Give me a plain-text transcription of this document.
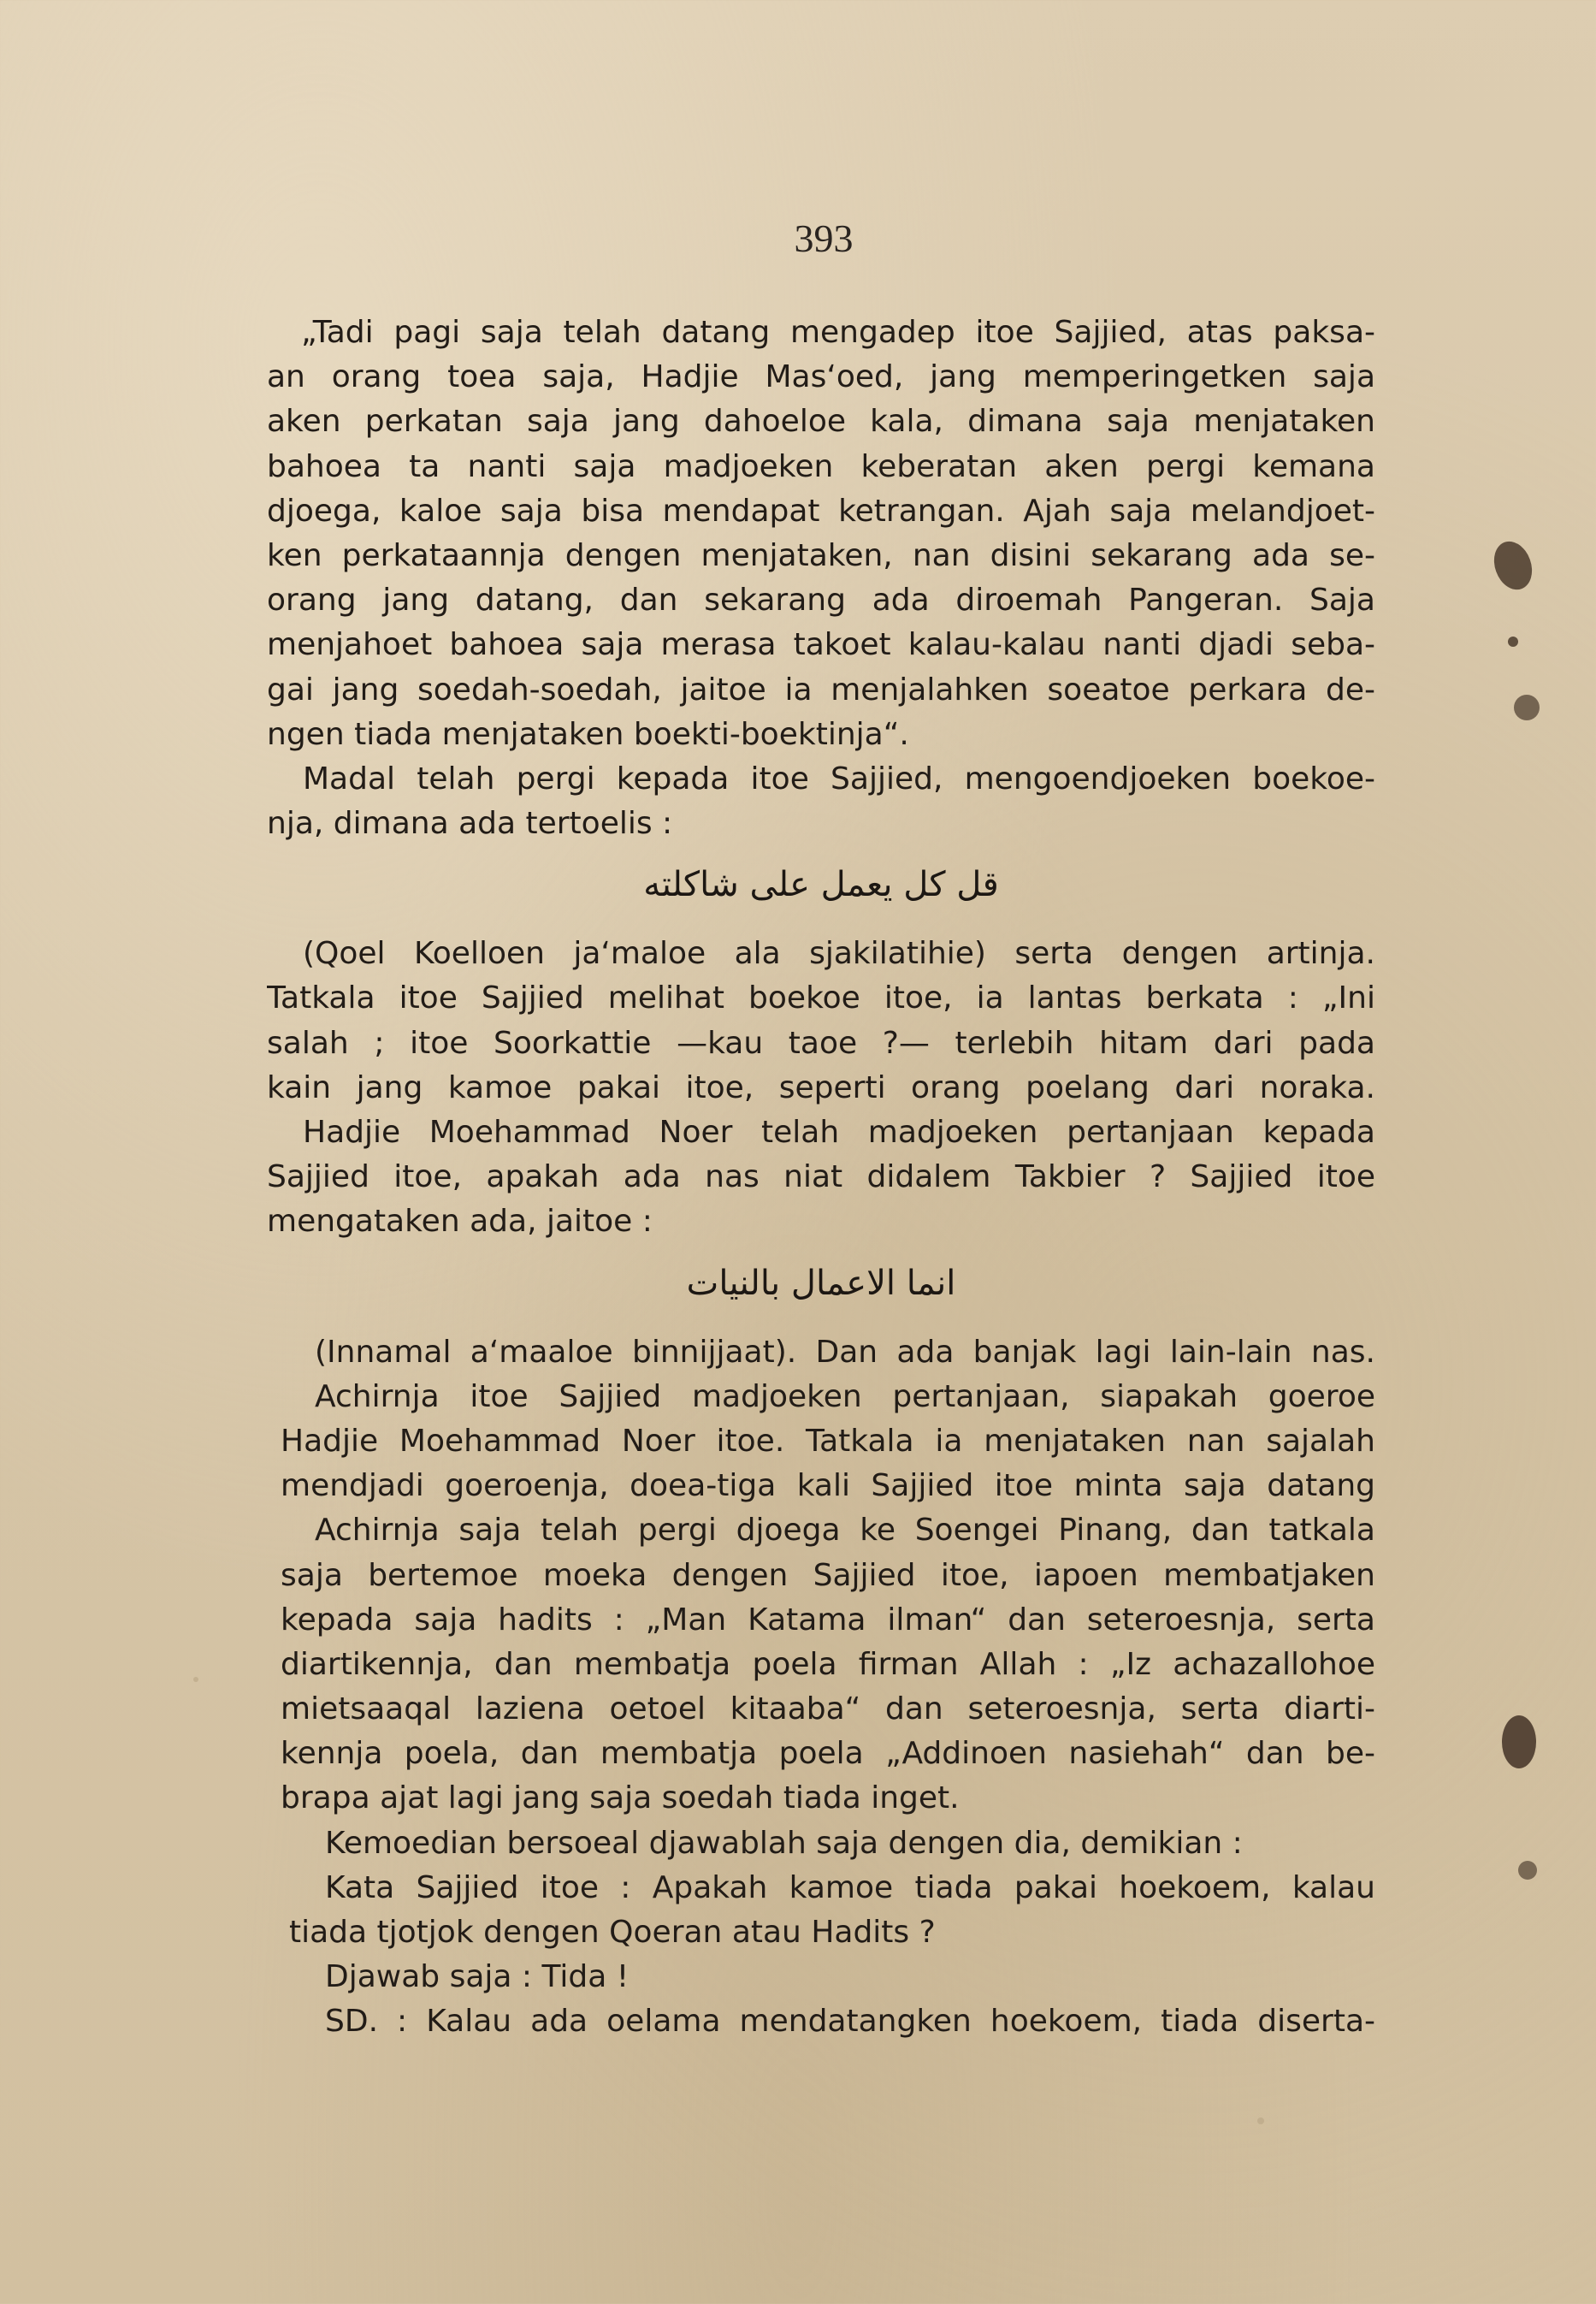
393
„Tadi pagi saja telah datang mengadep itoe Sajjied, atas paksa-
an orang toea saja, Hadjie Mas‘oed, jang memperingetken saja
aken perkatan saja jang dahoeloe kala, dimana saja menjataken
bahoea ta nanti saja madjoeken keberatan aken pergi kemana
djoega, kaloe saja bisa mendapat ketrangan. Ajah saja melandjoet-
ken perkataannja dengen menjataken, nan disini sekarang ada se-
orang jang datang, dan sekarang ada diroemah Pangeran. Saja
menjahoet bahoea saja merasa takoet kalau-kalau nanti djadi seba-
gai jang soedah-soedah, jaitoe ia menjalahken soeatoe perkara de-
ngen tiada menjataken boekti-boektinja“.
Madal telah pergi kepada itoe Sajjied, mengoendjoeken boekoe-
nja, dimana ada tertoelis :
قل كل يعمل على شاكلته
(Qoel Koelloen ja‘maloe ala sjakilatihie) serta dengen artinja.
Tatkala itoe Sajjied melihat boekoe itoe, ia lantas berkata : „Ini
salah ; itoe Soorkattie —kau taoe ?— terlebih hitam dari pada
kain jang kamoe pakai itoe, seperti orang poelang dari noraka.
Hadjie Moehammad Noer telah madjoeken pertanjaan kepada
Sajjied itoe, apakah ada nas niat didalem Takbier ? Sajjied itoe
mengataken ada, jaitoe :
انما الاعمال بالنيات
(Innamal a‘maaloe binnijjaat). Dan ada banjak lagi lain-lain nas.
Achirnja itoe Sajjied madjoeken pertanjaan, siapakah goeroe
Hadjie Moehammad Noer itoe. Tatkala ia menjataken nan sajalah
mendjadi goeroenja, doea-tiga kali Sajjied itoe minta saja datang
Achirnja saja telah pergi djoega ke Soengei Pinang, dan tatkala
saja bertemoe moeka dengen Sajjied itoe, iapoen membatjaken
kepada saja hadits : „Man Katama ilman“ dan seteroesnja, serta
diartikennja, dan membatja poela firman Allah : „Iz achazallohoe
mietsaaqal laziena oetoel kitaaba“ dan seteroesnja, serta diarti-
kennja poela, dan membatja poela „Addinoen nasiehah“ dan be-
brapa ajat lagi jang saja soedah tiada inget.
Kemoedian bersoeal djawablah saja dengen dia, demikian :
Kata Sajjied itoe : Apakah kamoe tiada pakai hoekoem, kalau
tiada tjotjok dengen Qoeran atau Hadits ?
Djawab saja : Tida !
SD. : Kalau ada oelama mendatangken hoekoem, tiada diserta-
